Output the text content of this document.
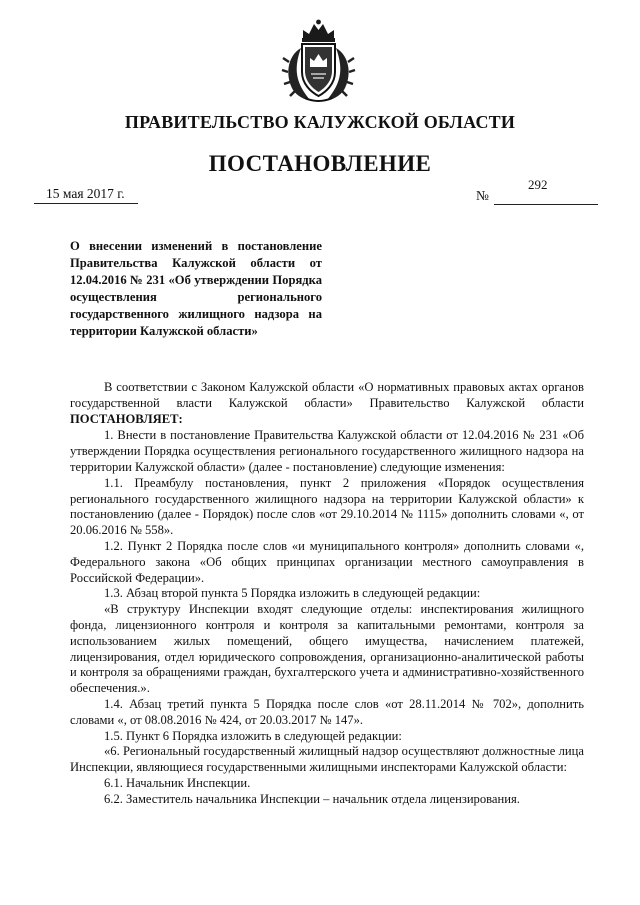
ПРАВИТЕЛЬСТВО КАЛУЖСКОЙ ОБЛАСТИ
ПОСТАНОВЛЕНИЕ
15 мая 2017 г.	№
292

О внесении изменений в постановление Правительства Калужской области от 12.04.2016 № 231 «Об утверждении Порядка осуществления регионального государственного жилищного надзора на территории Калужской области»

В соответствии с Законом Калужской области «О нормативных правовых актах органов государственной власти Калужской области» Правительство Калужской области ПОСТАНОВЛЯЕТ:

1. Внести в постановление Правительства Калужской области от 12.04.2016 № 231 «Об утверждении Порядка осуществления регионального государственного жилищного надзора на территории Калужской области» (далее - постановление) следующие изменения:

1.1. Преамбулу постановления, пункт 2 приложения «Порядок осуществления регионального государственного жилищного надзора на территории Калужской области» к постановлению (далее - Порядок) после слов «от 29.10.2014 № 1115» дополнить словами «, от 20.06.2016 № 558».

1.2. Пункт 2 Порядка после слов «и муниципального контроля» дополнить словами «, Федерального закона «Об общих принципах организации местного самоуправления в Российской Федерации».

1.3. Абзац второй пункта 5 Порядка изложить в следующей редакции:

«В структуру Инспекции входят следующие отделы: инспектирования жилищного фонда, лицензионного контроля и контроля за капитальными ремонтами, контроля за использованием жилых помещений, общего имущества, начислением платежей, лицензирования, отдел юридического сопровождения, организационно-аналитической работы и контроля за обращениями граждан, бухгалтерского учета и административно-хозяйственного обеспечения.».

1.4. Абзац третий пункта 5 Порядка после слов «от 28.11.2014 № 702», дополнить словами «, от 08.08.2016 № 424, от 20.03.2017 № 147».

1.5. Пункт 6 Порядка изложить в следующей редакции:

«6. Региональный государственный жилищный надзор осуществляют должностные лица Инспекции, являющиеся государственными жилищными инспекторами Калужской области:

6.1. Начальник Инспекции.

6.2. Заместитель начальника Инспекции – начальник отдела лицензирования.
